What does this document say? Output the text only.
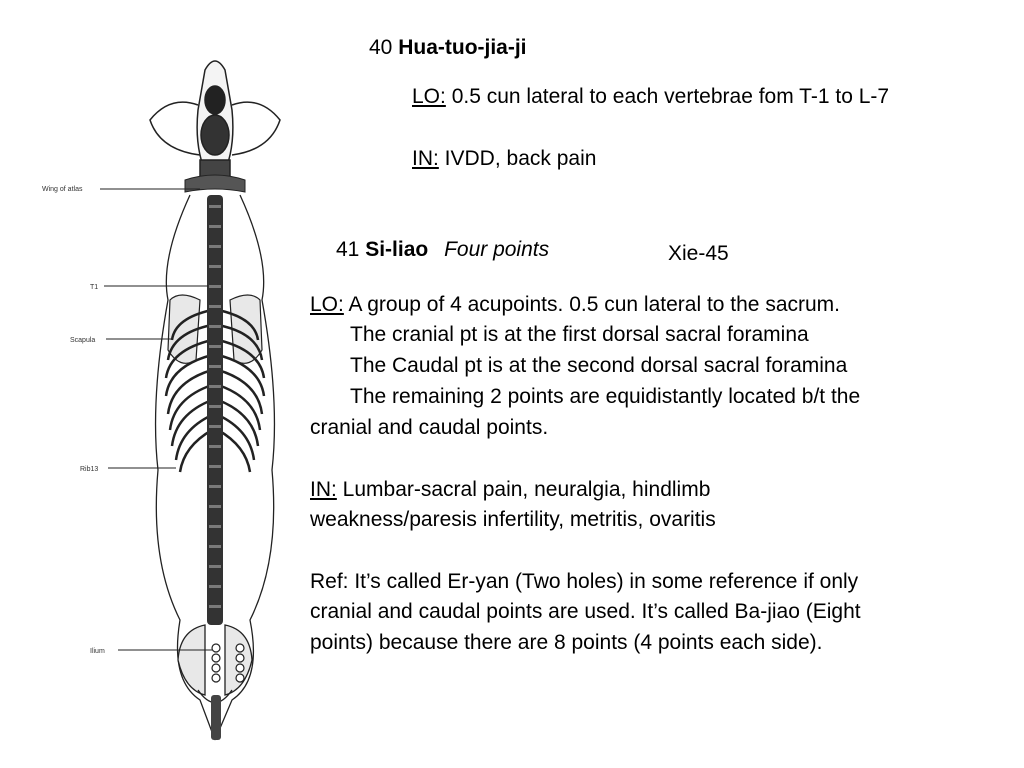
Wing of atlas
T1
Scapula
Rib13
Ilium
40 Hua-tuo-jia-ji
LO: 0.5 cun lateral to each vertebrae fom T-1 to L-7
IN: IVDD, back pain
41 Si-liao Four points	Xie-45
LO: A group of 4 acupoints. 0.5 cun lateral to the sacrum.
The cranial pt is at the first dorsal sacral foramina
The Caudal pt is at the second dorsal sacral foramina
The remaining 2 points are equidistantly located b/t the
cranial and caudal points.
IN: Lumbar-sacral pain, neuralgia, hindlimb
weakness/paresis infertility, metritis, ovaritis
Ref: It’s called Er-yan (Two holes) in some reference if only
cranial and caudal points are used. It’s called Ba-jiao (Eight
points) because there are 8 points (4 points each side).
